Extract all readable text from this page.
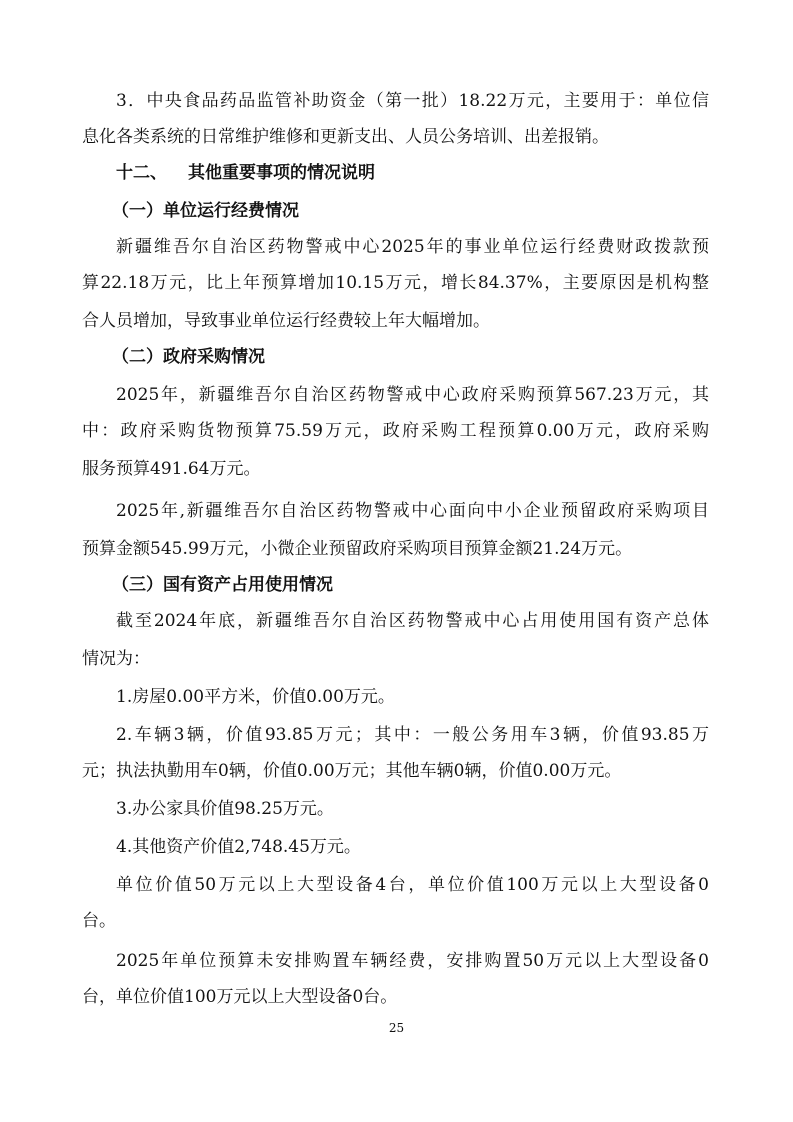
3．中央食品药品监管补助资金（第一批）18.22万元，主要用于：单位信

息化各类系统的日常维护维修和更新支出、人员公务培训、出差报销。

十二、

其他重要事项的情况说明

（一）单位运行经费情况

新疆维吾尔自治区药物警戒中心2025年的事业单位运行经费财政拨款预

算22.18万元，比上年预算增加10.15万元，增长84.37%，主要原因是机构整

合人员增加，导致事业单位运行经费较上年大幅增加。

（二）政府采购情况

2025年，新疆维吾尔自治区药物警戒中心政府采购预算567.23万元，其

中：政府采购货物预算75.59万元，政府采购工程预算0.00万元，政府采购

服务预算491.64万元。

2025年,新疆维吾尔自治区药物警戒中心面向中小企业预留政府采购项目

预算金额545.99万元，小微企业预留政府采购项目预算金额21.24万元。

（三）国有资产占用使用情况

截至2024年底，新疆维吾尔自治区药物警戒中心占用使用国有资产总体

情况为：

1.房屋0.00平方米，价值0.00万元。

2.车辆3辆，价值93.85万元；其中：一般公务用车3辆，价值93.85万

元；执法执勤用车0辆，价值0.00万元；其他车辆0辆，价值0.00万元。

3.办公家具价值98.25万元。

4.其他资产价值2,748.45万元。

单位价值50万元以上大型设备4台，单位价值100万元以上大型设备0

台。

2025年单位预算未安排购置车辆经费，安排购置50万元以上大型设备0

台，单位价值100万元以上大型设备0台。

25
